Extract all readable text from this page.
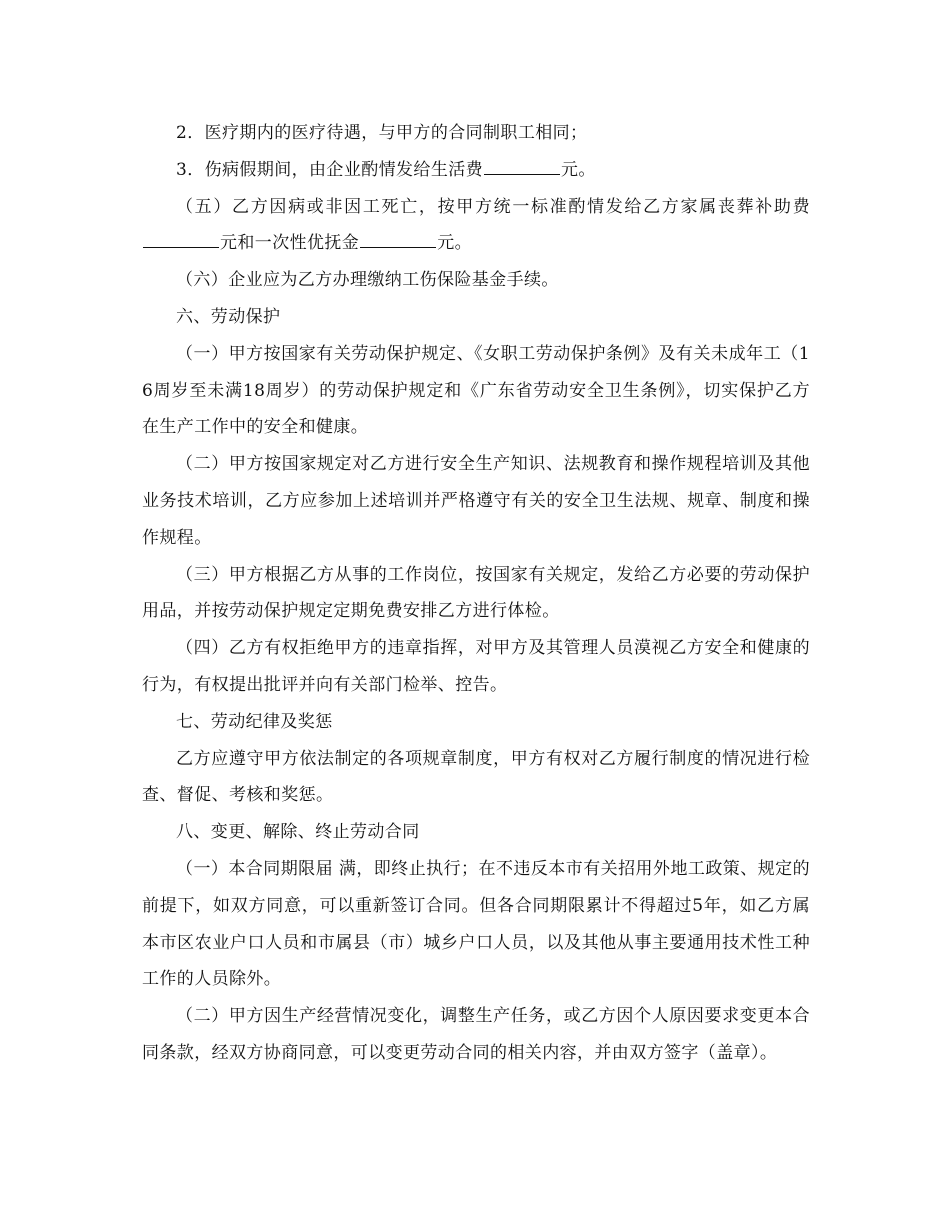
2．医疗期内的医疗待遇，与甲方的合同制职工相同；

3．伤病假期间，由企业酌情发给生活费	元。

（五）乙方因病或非因工死亡，按甲方统一标准酌情发给乙方家属丧葬补助费元和一次性优抚金	元。

（六）企业应为乙方办理缴纳工伤保险基金手续。

六、劳动保护

（一）甲方按国家有关劳动保护规定、《女职工劳动保护条例》及有关未成年工（16周岁至未满18周岁）的劳动保护规定和《广东省劳动安全卫生条例》，切实保护乙方在生产工作中的安全和健康。

（二）甲方按国家规定对乙方进行安全生产知识、法规教育和操作规程培训及其他业务技术培训，乙方应参加上述培训并严格遵守有关的安全卫生法规、规章、制度和操作规程。

（三）甲方根据乙方从事的工作岗位，按国家有关规定，发给乙方必要的劳动保护用品，并按劳动保护规定定期免费安排乙方进行体检。

（四）乙方有权拒绝甲方的违章指挥，对甲方及其管理人员漠视乙方安全和健康的行为，有权提出批评并向有关部门检举、控告。

七、劳动纪律及奖惩

乙方应遵守甲方依法制定的各项规章制度，甲方有权对乙方履行制度的情况进行检查、督促、考核和奖惩。

八、变更、解除、终止劳动合同

（一）本合同期限届 满，即终止执行；在不违反本市有关招用外地工政策、规定的前提下，如双方同意，可以重新签订合同。但各合同期限累计不得超过5年，如乙方属本市区农业户口人员和市属县（市）城乡户口人员，以及其他从事主要通用技术性工种工作的人员除外。

（二）甲方因生产经营情况变化，调整生产任务，或乙方因个人原因要求变更本合同条款，经双方协商同意，可以变更劳动合同的相关内容，并由双方签字（盖章）。
